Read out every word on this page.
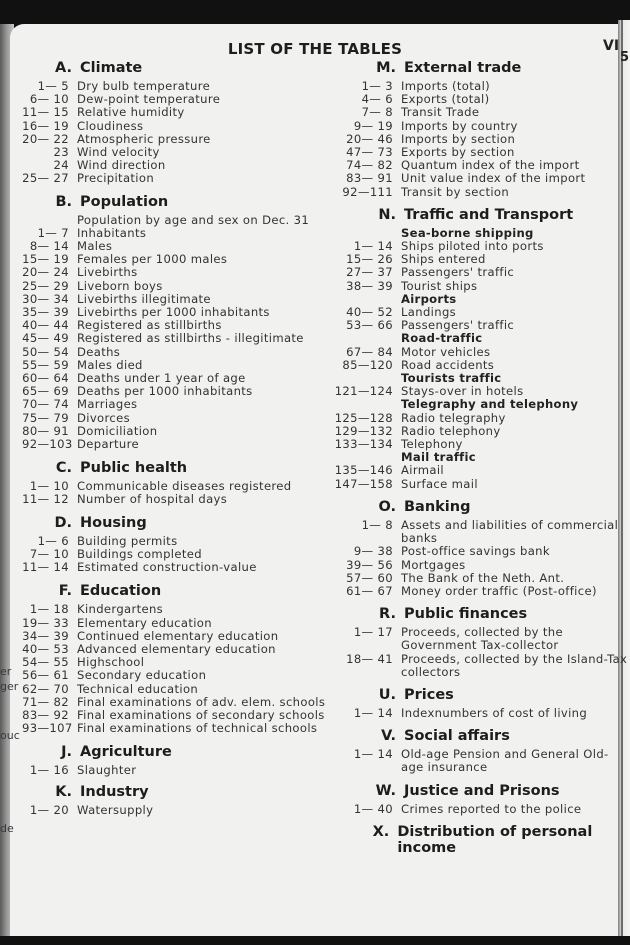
er
ger
ouc
de
LIST OF THE TABLES	VI
5
A. Climate
1— 5 Dry bulb temperature
6— 10 Dew-point temperature
11— 15 Relative humidity
16— 19 Cloudiness
20— 22 Atmospheric pressure
23 Wind velocity
24 Wind direction
25— 27 Precipitation
B. Population
Population by age and sex on Dec. 31
1— 7 Inhabitants
8— 14 Males
15— 19 Females per 1000 males
20— 24 Livebirths
25— 29 Liveborn boys
30— 34 Livebirths illegitimate
35— 39 Livebirths per 1000 inhabitants
40— 44 Registered as stillbirths
45— 49 Registered as stillbirths - illegitimate
50— 54 Deaths
55— 59 Males died
60— 64 Deaths under 1 year of age
65— 69 Deaths per 1000 inhabitants
70— 74 Marriages
75— 79 Divorces
80— 91 Domiciliation
92—103 Departure
C. Public health
1— 10 Communicable diseases registered
11— 12 Number of hospital days
D. Housing
1— 6 Building permits
7— 10 Buildings completed
11— 14 Estimated construction-value
F. Education
1— 18 Kindergartens
19— 33 Elementary education
34— 39 Continued elementary education
40— 53 Advanced elementary education
54— 55 Highschool
56— 61 Secondary education
62— 70 Technical education
71— 82 Final examinations of adv. elem. schools
83— 92 Final examinations of secondary schools
93—107 Final examinations of technical schools
J. Agriculture
1— 16 Slaughter
K. Industry
1— 20 Watersupply
M. External trade
1— 3 Imports (total)
4— 6 Exports (total)
7— 8 Transit Trade
9— 19 Imports by country
20— 46 Imports by section
47— 73 Exports by section
74— 82 Quantum index of the import
83— 91 Unit value index of the import
92—111 Transit by section
N. Traffic and Transport
Sea-borne shipping
1— 14 Ships piloted into ports
15— 26 Ships entered
27— 37 Passengers' traffic
38— 39 Tourist ships
Airports
40— 52 Landings
53— 66 Passengers' traffic
Road-traffic
67— 84 Motor vehicles
85—120 Road accidents
Tourists traffic
121—124 Stays-over in hotels
Telegraphy and telephony
125—128 Radio telegraphy
129—132 Radio telephony
133—134 Telephony
Mail traffic
135—146 Airmail
147—158 Surface mail
O. Banking
1— 8 Assets and liabilities of commercial banks
9— 38 Post-office savings bank
39— 56 Mortgages
57— 60 The Bank of the Neth. Ant.
61— 67 Money order traffic (Post-office)
R. Public finances
1— 17 Proceeds, collected by the Government Tax-collector
18— 41 Proceeds, collected by the Island-Tax collectors
U. Prices
1— 14 Indexnumbers of cost of living
V. Social affairs
1— 14 Old-age Pension and General Old-age insurance
W. Justice and Prisons
1— 40 Crimes reported to the police
X. Distribution of personal income
